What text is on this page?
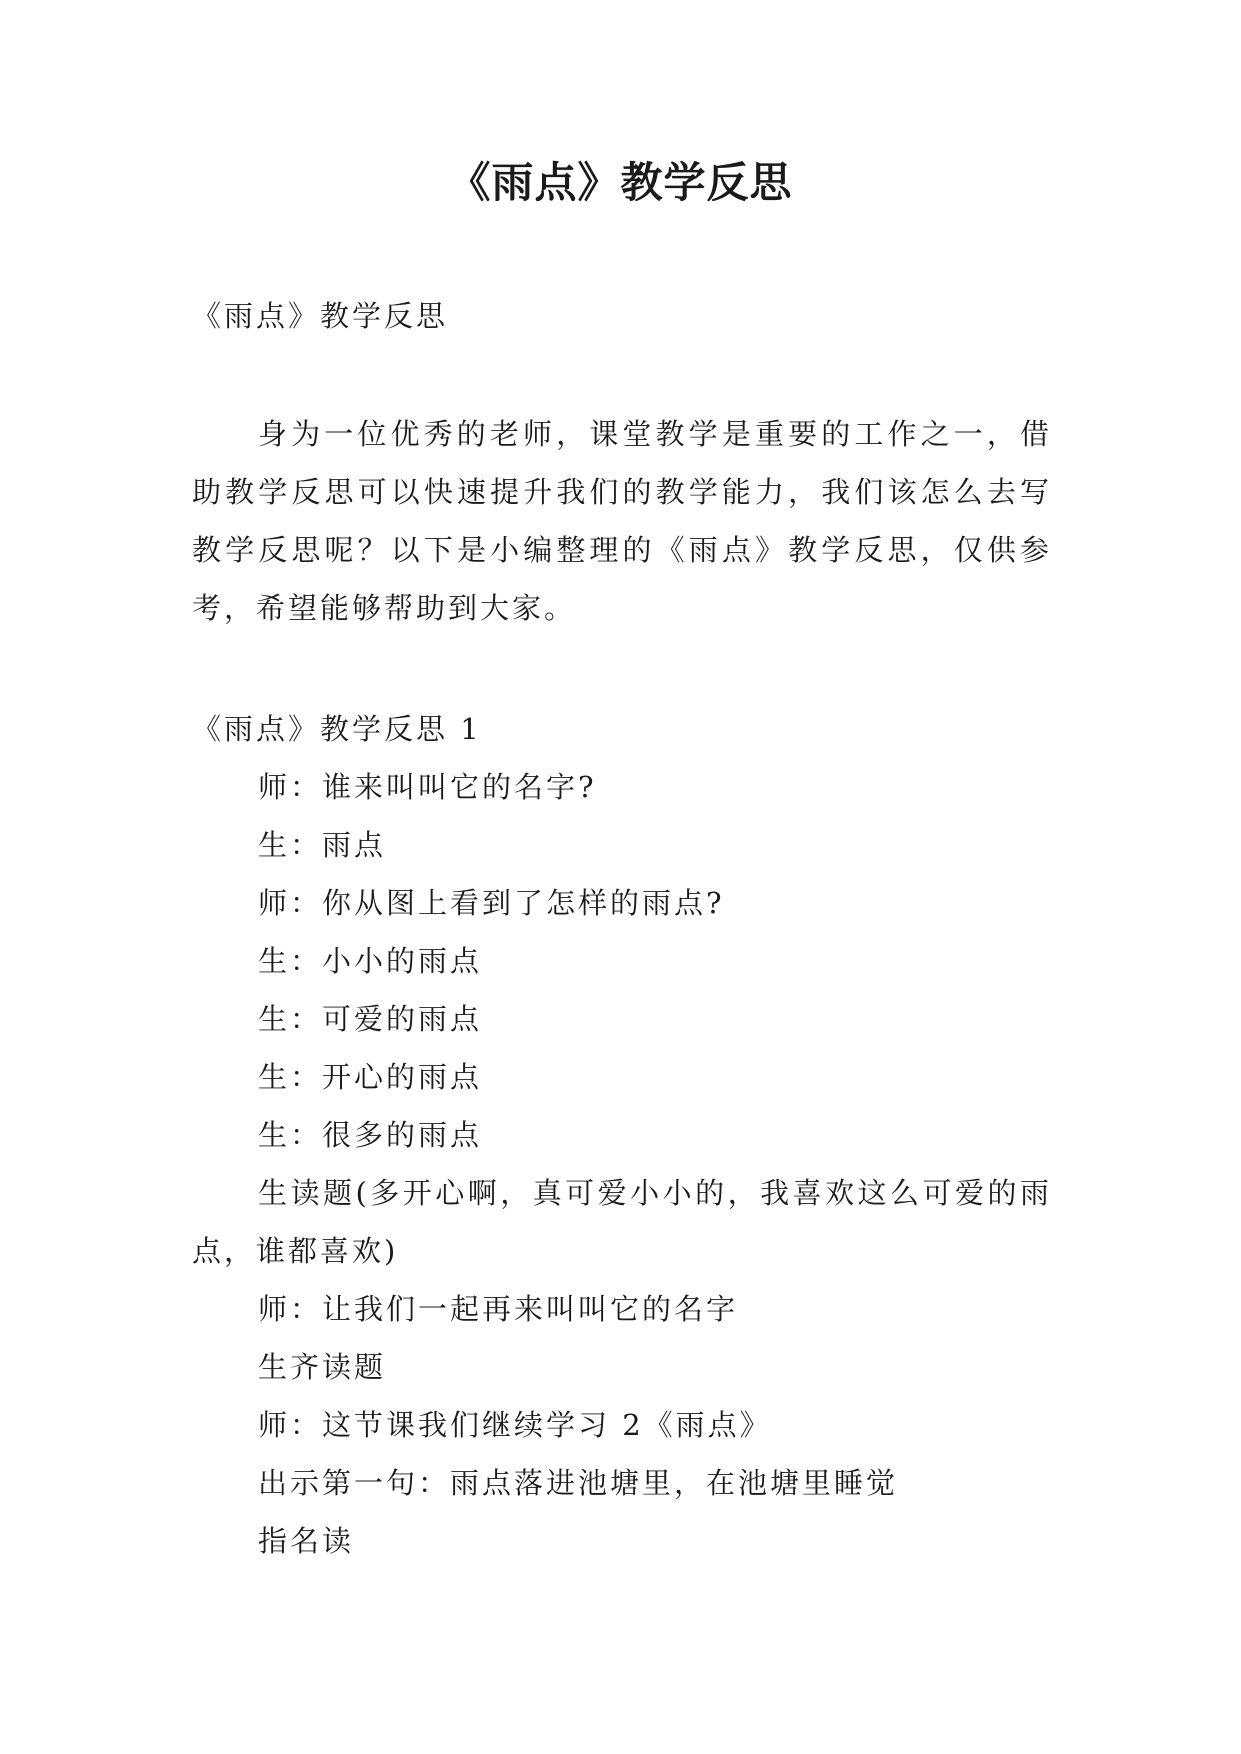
《雨点》教学反思
《雨点》教学反思

身为一位优秀的老师，课堂教学是重要的工作之一，借助教学反思可以快速提升我们的教学能力，我们该怎么去写教学反思呢？以下是小编整理的《雨点》教学反思，仅供参考，希望能够帮助到大家。

《雨点》教学反思 1
师：谁来叫叫它的名字?
生：雨点
师：你从图上看到了怎样的雨点?
生：小小的雨点
生：可爱的雨点
生：开心的雨点
生：很多的雨点
生读题(多开心啊，真可爱小小的，我喜欢这么可爱的雨点，谁都喜欢)
师：让我们一起再来叫叫它的名字
生齐读题
师：这节课我们继续学习 2《雨点》
出示第一句：雨点落进池塘里，在池塘里睡觉
指名读
